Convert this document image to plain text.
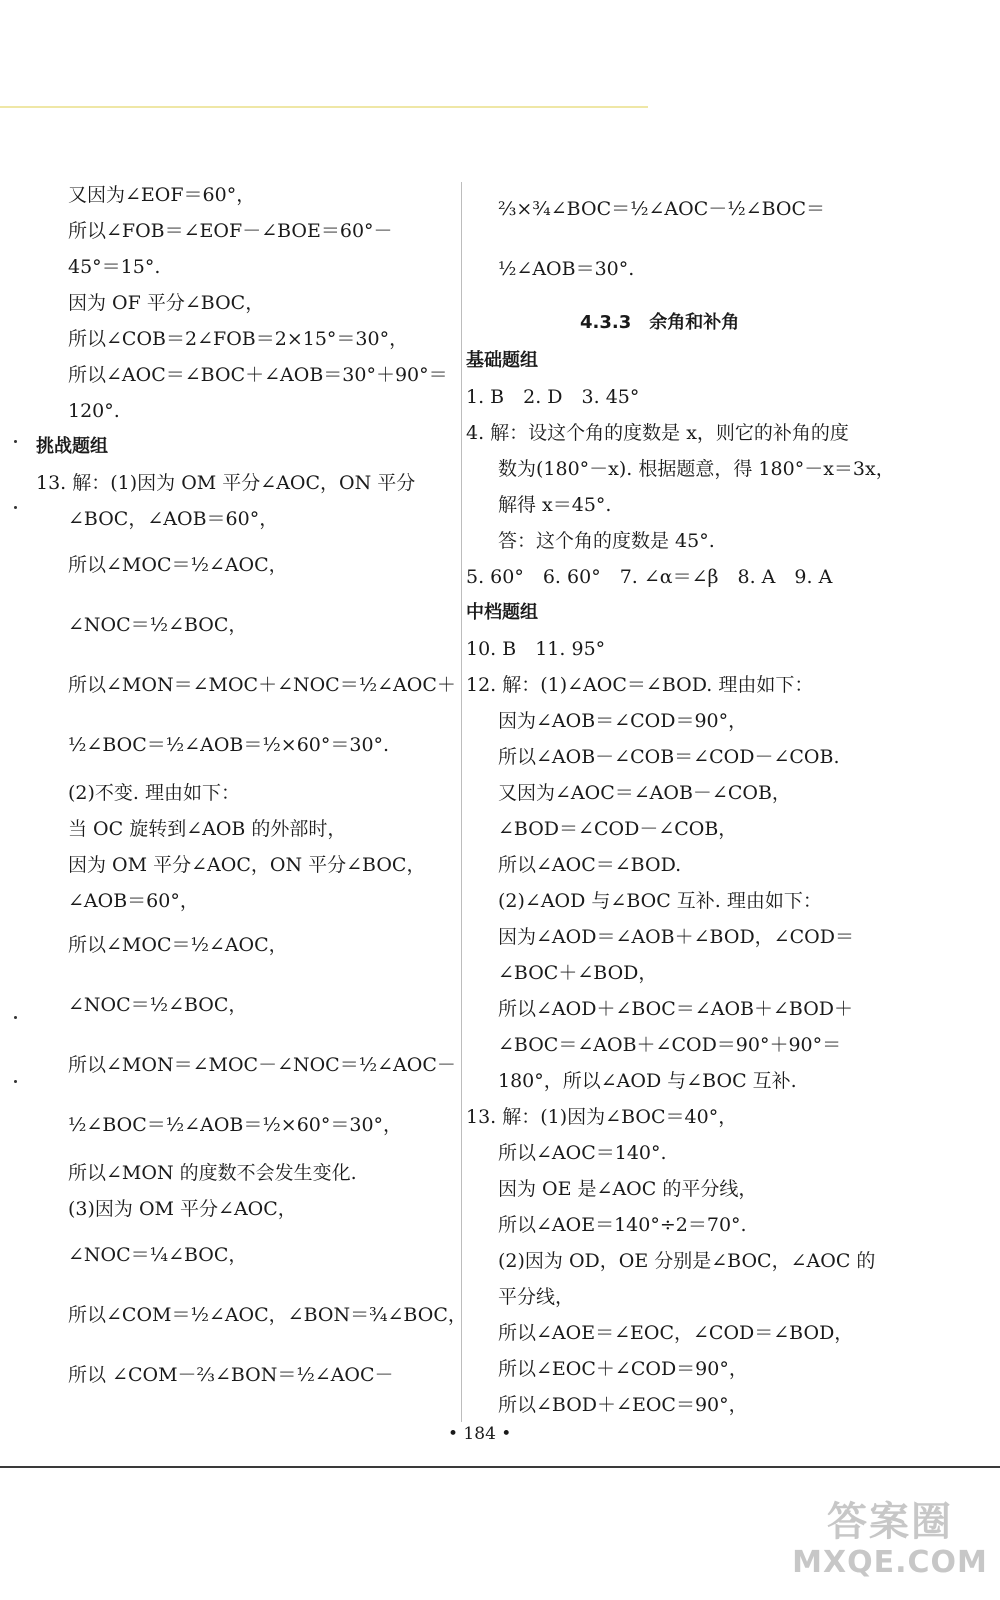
• 184 •
答案圈
MXQE.COM
又因为∠EOF＝60°，
所以∠FOB＝∠EOF－∠BOE＝60°－
45°＝15°.
因为 OF 平分∠BOC，
所以∠COB＝2∠FOB＝2×15°＝30°，
所以∠AOC＝∠BOC＋∠AOB＝30°＋90°＝
120°.
挑战题组
13. 解：(1)因为 OM 平分∠AOC，ON 平分
∠BOC，∠AOB＝60°，
所以∠MOC＝½∠AOC，
∠NOC＝½∠BOC，
所以∠MON＝∠MOC＋∠NOC＝½∠AOC＋
½∠BOC＝½∠AOB＝½×60°＝30°.
(2)不变. 理由如下：
当 OC 旋转到∠AOB 的外部时，
因为 OM 平分∠AOC，ON 平分∠BOC，
∠AOB＝60°，
所以∠MOC＝½∠AOC，
∠NOC＝½∠BOC，
所以∠MON＝∠MOC－∠NOC＝½∠AOC－
½∠BOC＝½∠AOB＝½×60°＝30°，
所以∠MON 的度数不会发生变化.
(3)因为 OM 平分∠AOC，
∠NOC＝¼∠BOC，
所以∠COM＝½∠AOC，∠BON＝¾∠BOC，
所以 ∠COM－⅔∠BON＝½∠AOC－
⅔×¾∠BOC＝½∠AOC－½∠BOC＝
½∠AOB＝30°.
4.3.3　余角和补角
基础题组
1. B　2. D　3. 45°
4. 解：设这个角的度数是 x，则它的补角的度
数为(180°－x). 根据题意，得 180°－x＝3x，
解得 x＝45°.
答：这个角的度数是 45°.
5. 60°　6. 60°　7. ∠α＝∠β　8. A　9. A
中档题组
10. B　11. 95°
12. 解：(1)∠AOC＝∠BOD. 理由如下：
因为∠AOB＝∠COD＝90°，
所以∠AOB－∠COB＝∠COD－∠COB.
又因为∠AOC＝∠AOB－∠COB，
∠BOD＝∠COD－∠COB，
所以∠AOC＝∠BOD.
(2)∠AOD 与∠BOC 互补. 理由如下：
因为∠AOD＝∠AOB＋∠BOD，∠COD＝
∠BOC＋∠BOD，
所以∠AOD＋∠BOC＝∠AOB＋∠BOD＋
∠BOC＝∠AOB＋∠COD＝90°＋90°＝
180°，所以∠AOD 与∠BOC 互补.
13. 解：(1)因为∠BOC＝40°，
所以∠AOC＝140°.
因为 OE 是∠AOC 的平分线，
所以∠AOE＝140°÷2＝70°.
(2)因为 OD，OE 分别是∠BOC，∠AOC 的
平分线，
所以∠AOE＝∠EOC，∠COD＝∠BOD，
所以∠EOC＋∠COD＝90°，
所以∠BOD＋∠EOC＝90°，
